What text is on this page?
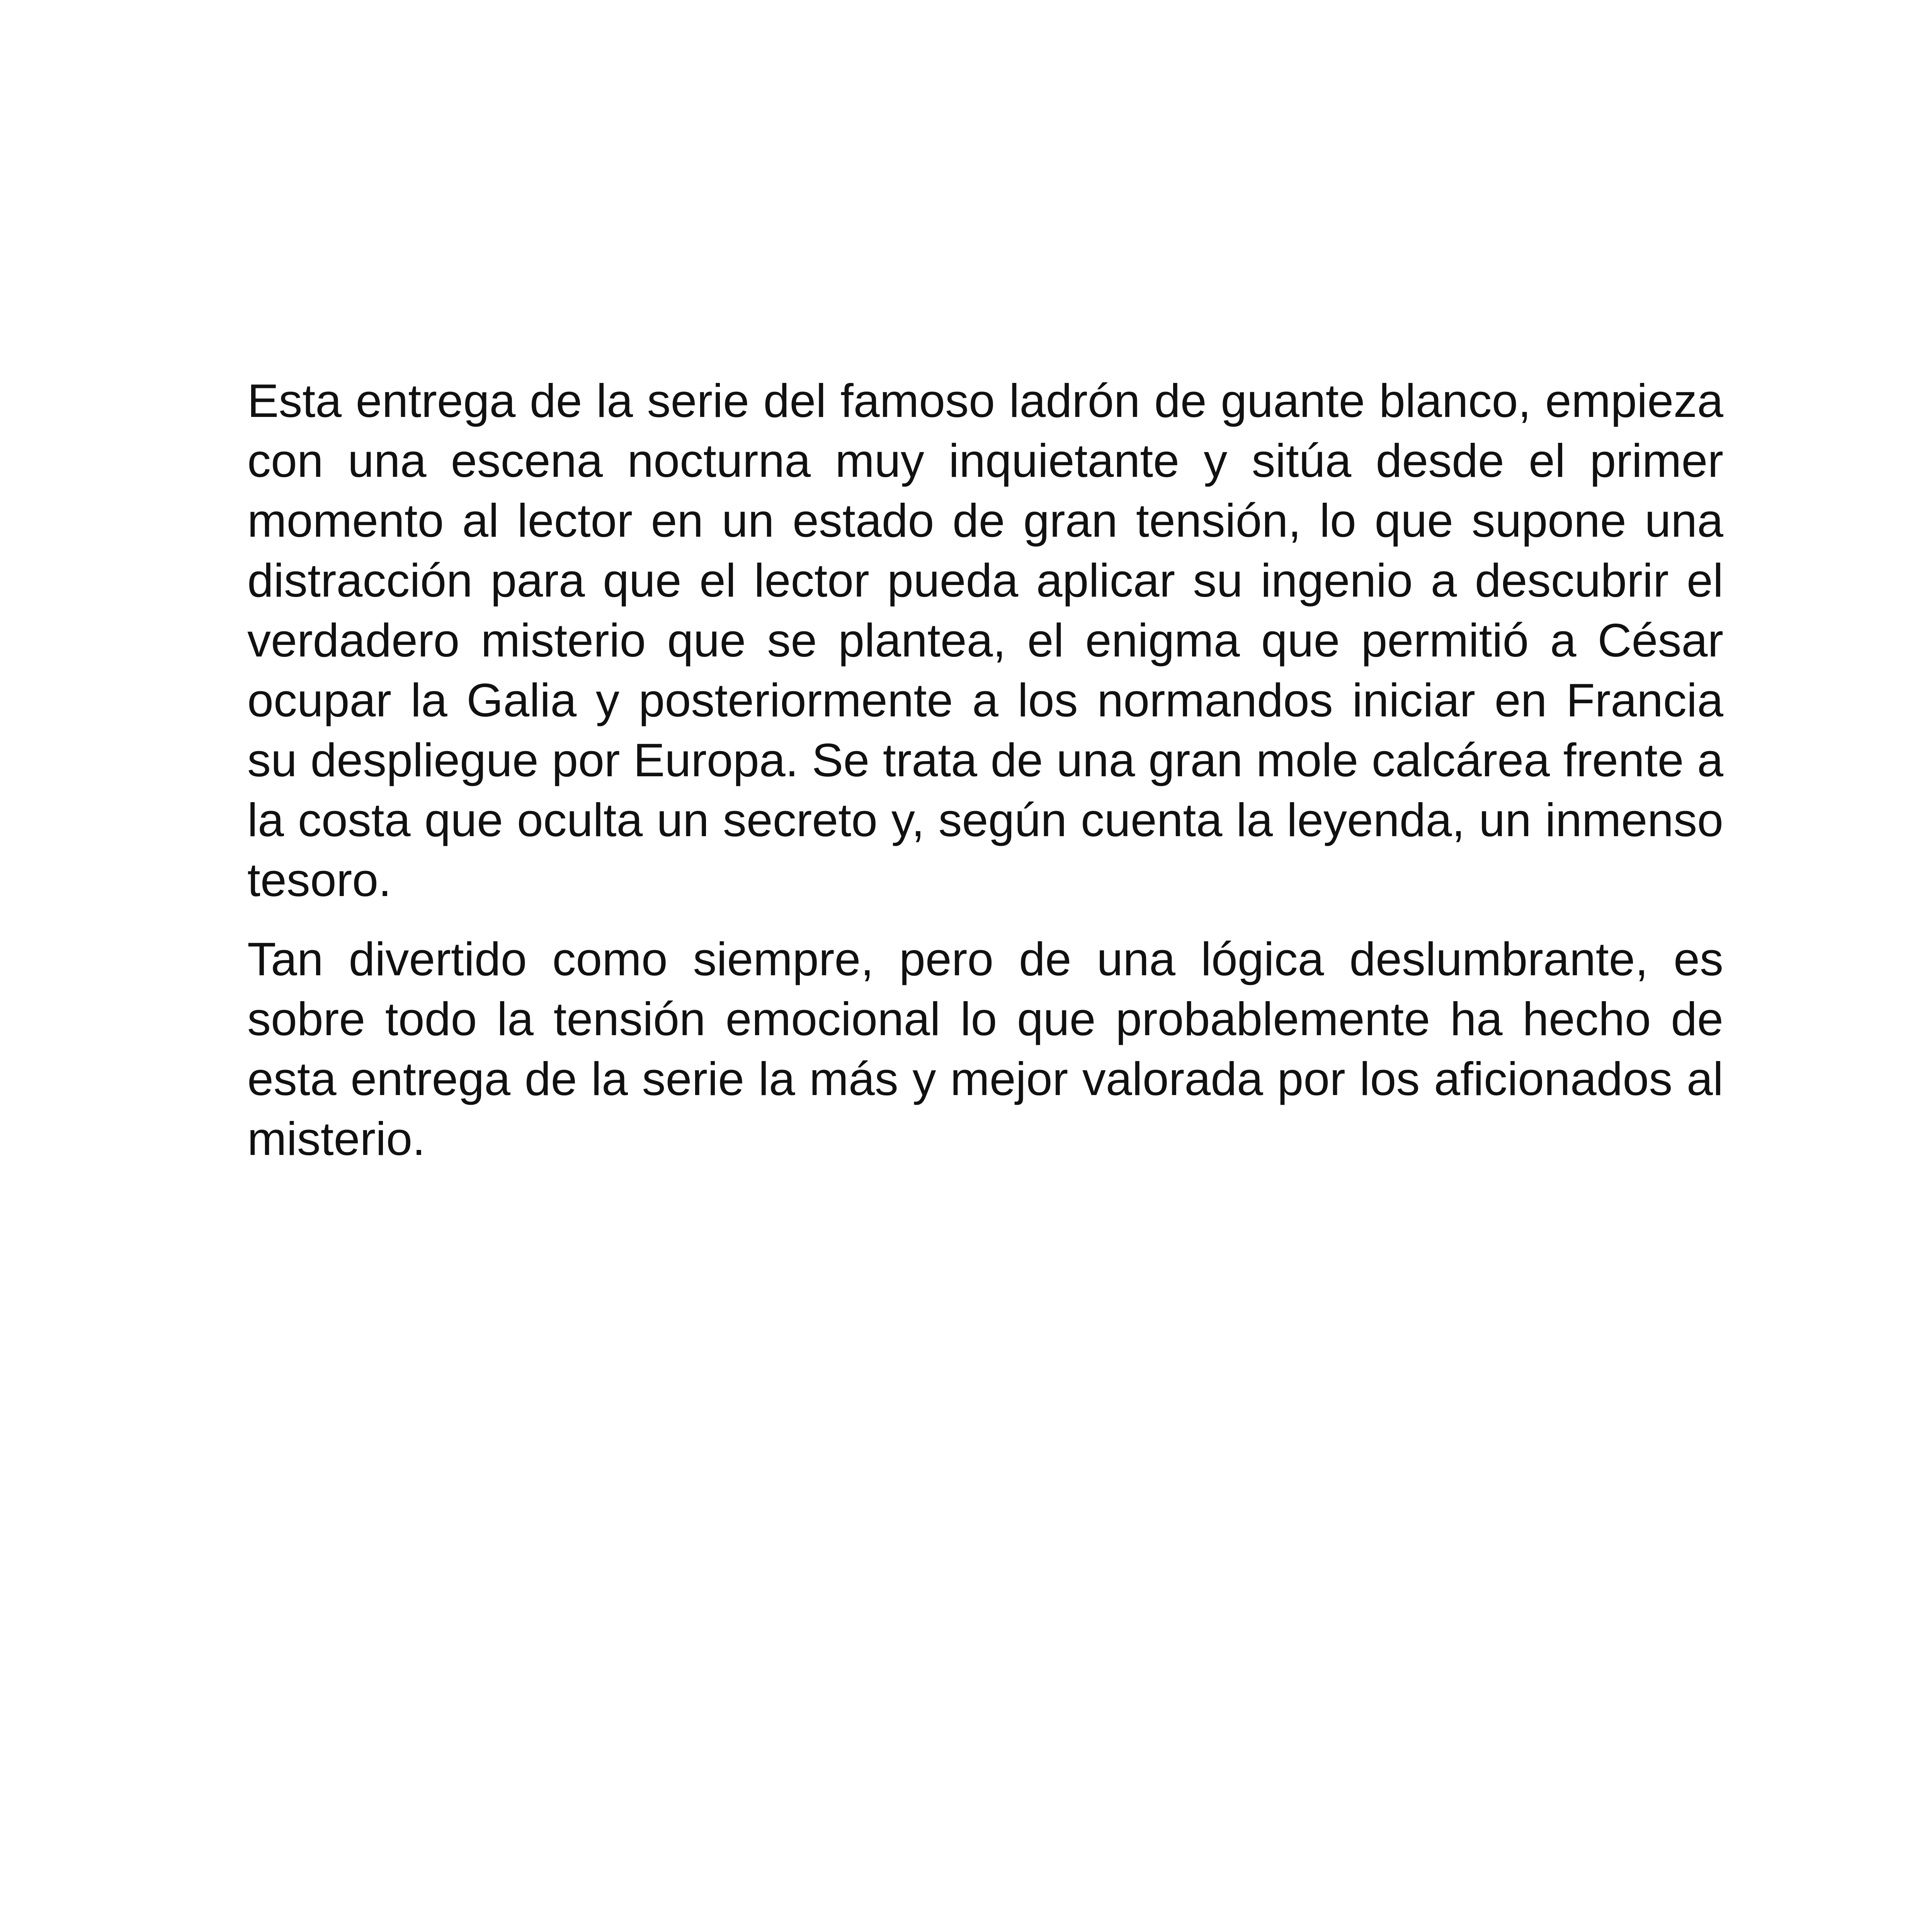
Esta entrega de la serie del famoso ladrón de guante blanco, empieza con una escena nocturna muy inquietante y sitúa desde el primer momento al lector en un estado de gran tensión, lo que supone una distracción para que el lector pueda aplicar su ingenio a descubrir el verdadero misterio que se plantea, el enigma que permitió a César ocupar la Galia y posteriormente a los normandos iniciar en Francia su despliegue por Europa. Se trata de una gran mole calcárea frente a la costa que oculta un secreto y, según cuenta la leyenda, un inmenso tesoro.

Tan divertido como siempre, pero de una lógica deslumbrante, es sobre todo la tensión emocional lo que probablemente ha hecho de esta entrega de la serie la más y mejor valorada por los aficionados al misterio.
